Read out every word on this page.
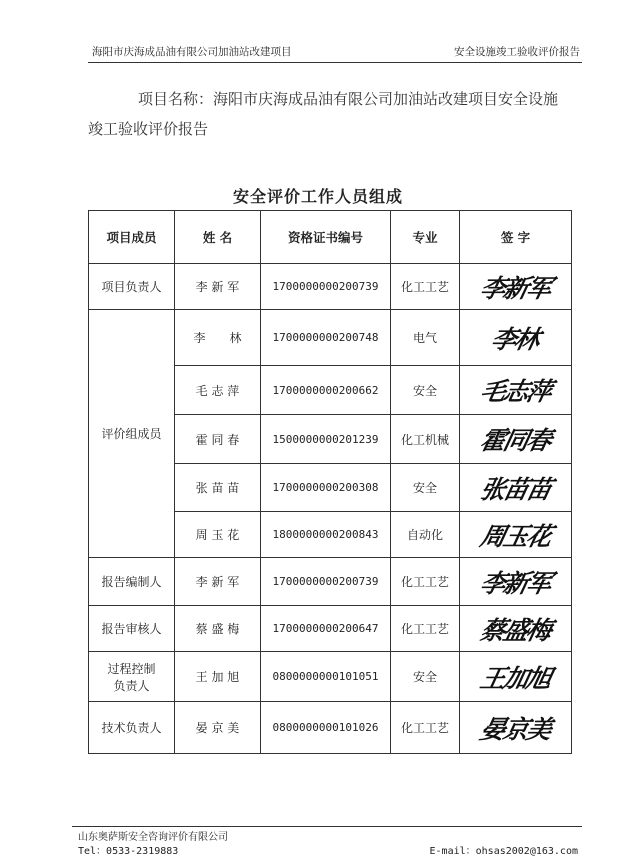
海阳市庆海成品油有限公司加油站改建项目	安全设施竣工验收评价报告
项目名称：海阳市庆海成品油有限公司加油站改建项目安全设施
竣工验收评价报告
安全评价工作人员组成
项目成员	姓 名	资格证书编号	专业	签 字
项目负责人	李 新 军	1700000000200739	化工工艺	李新军
评价组成员	李　　林	1700000000200748	电气	李林
	毛 志 萍	1700000000200662	安全	毛志萍
	霍 同 春	1500000000201239	化工机械	霍同春
	张 苗 苗	1700000000200308	安全	张苗苗
	周 玉 花	1800000000200843	自动化	周玉花
报告编制人	李 新 军	1700000000200739	化工工艺	李新军
报告审核人	蔡 盛 梅	1700000000200647	化工工艺	蔡盛梅
过程控制
负责人	王 加 旭	0800000000101051	安全	王加旭
技术负责人	晏 京 美	0800000000101026	化工工艺	晏京美
山东奥萨斯安全咨询评价有限公司
Tel：0533-2319883	E-mail：ohsas2002@163.com
